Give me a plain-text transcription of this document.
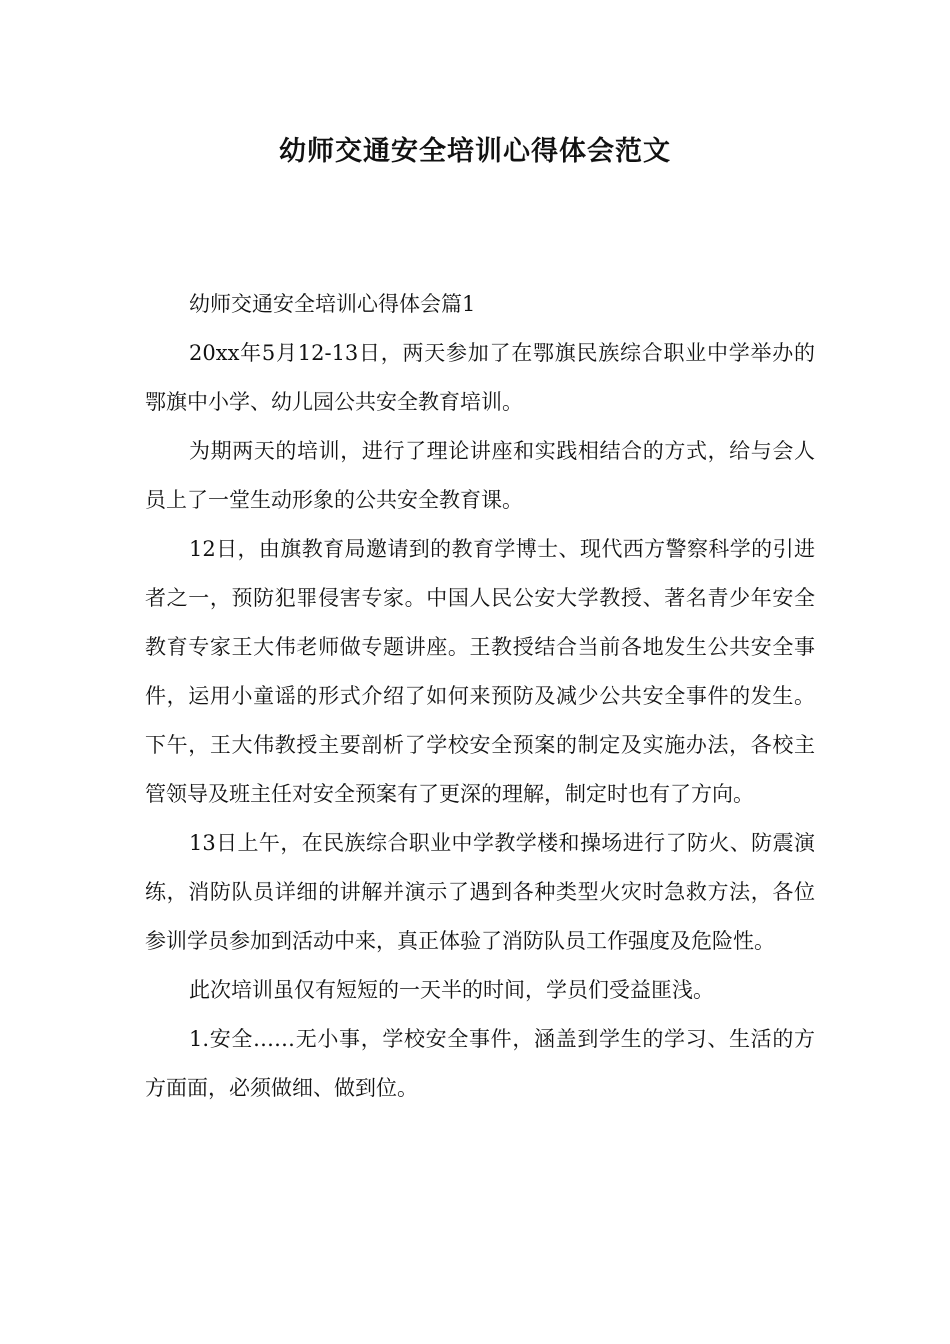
幼师交通安全培训心得体会范文

幼师交通安全培训心得体会篇1

20xx年5月12-13日，两天参加了在鄂旗民族综合职业中学举办的鄂旗中小学、幼儿园公共安全教育培训。

为期两天的培训，进行了理论讲座和实践相结合的方式，给与会人员上了一堂生动形象的公共安全教育课。

12日，由旗教育局邀请到的教育学博士、现代西方警察科学的引进者之一，预防犯罪侵害专家。中国人民公安大学教授、著名青少年安全教育专家王大伟老师做专题讲座。王教授结合当前各地发生公共安全事件，运用小童谣的形式介绍了如何来预防及减少公共安全事件的发生。下午，王大伟教授主要剖析了学校安全预案的制定及实施办法，各校主管领导及班主任对安全预案有了更深的理解，制定时也有了方向。

13日上午，在民族综合职业中学教学楼和操场进行了防火、防震演练，消防队员详细的讲解并演示了遇到各种类型火灾时急救方法，各位参训学员参加到活动中来，真正体验了消防队员工作强度及危险性。

此次培训虽仅有短短的一天半的时间，学员们受益匪浅。

1.安全……无小事，学校安全事件，涵盖到学生的学习、生活的方方面面，必须做细、做到位。
